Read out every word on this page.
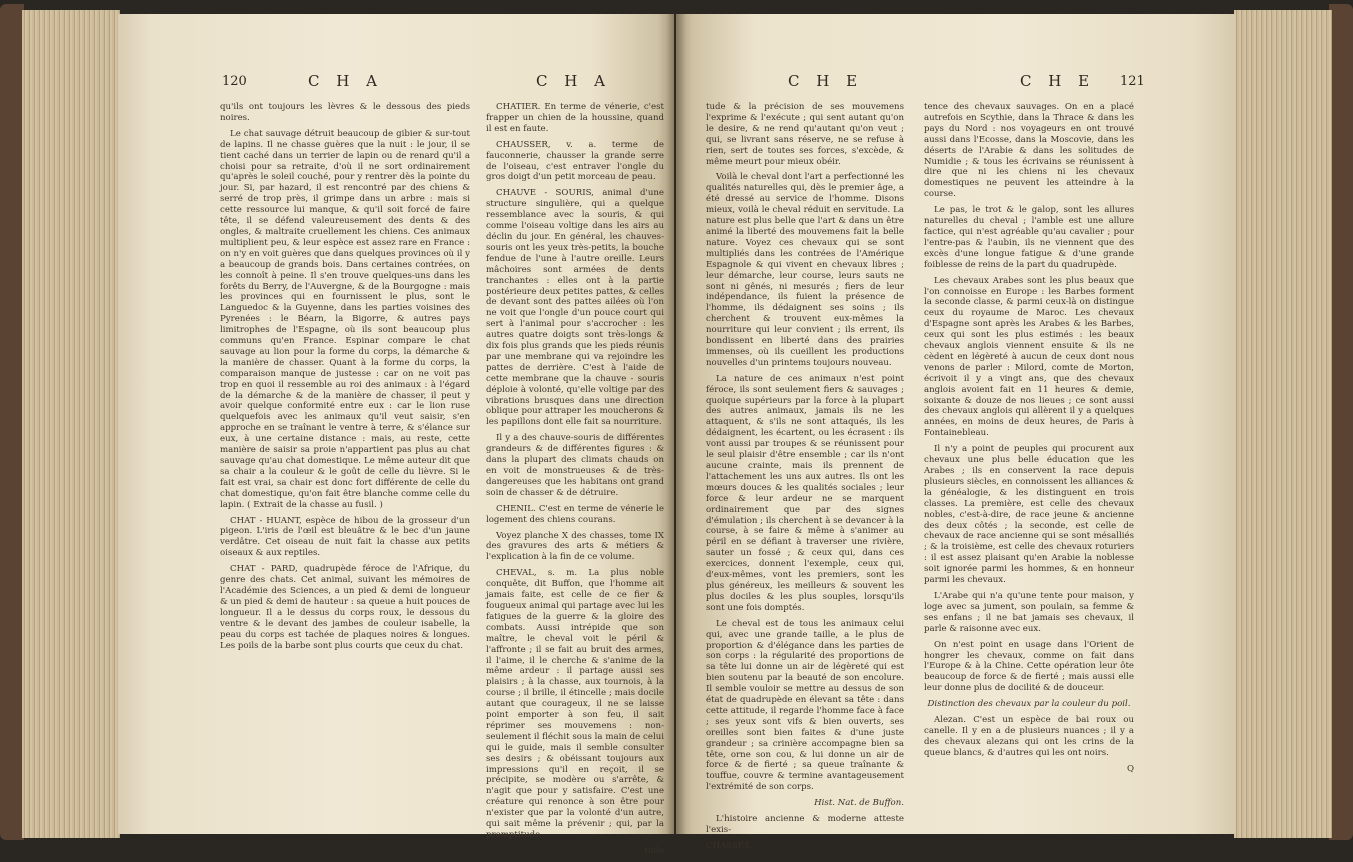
120	C H A	C H A

qu'ils ont toujours les lèvres & le dessous des pieds noires.

Le chat sauvage détruit beaucoup de gibier & sur-tout de lapins. Il ne chasse guères que la nuit : le jour, il se tient caché dans un terrier de lapin ou de renard qu'il a choisi pour sa retraite, d'où il ne sort ordinairement qu'après le soleil couché, pour y rentrer dès la pointe du jour. Si, par hazard, il est rencontré par des chiens & serré de trop près, il grimpe dans un arbre : mais si cette ressource lui manque, & qu'il soit forcé de faire tête, il se défend valeureusement des dents & des ongles, & maltraite cruellement les chiens. Ces animaux multiplient peu, & leur espèce est assez rare en France : on n'y en voit guères que dans quelques provinces où il y a beaucoup de grands bois. Dans certaines contrées, on les connoît à peine. Il s'en trouve quelques-uns dans les forêts du Berry, de l'Auvergne, & de la Bourgogne : mais les provinces qui en fournissent le plus, sont le Languedoc & la Guyenne, dans les parties voisines des Pyrenées : le Béarn, la Bigorre, & autres pays limitrophes de l'Espagne, où ils sont beaucoup plus communs qu'en France. Espinar compare le chat sauvage au lion pour la forme du corps, la démarche & la manière de chasser. Quant à la forme du corps, la comparaison manque de justesse : car on ne voit pas trop en quoi il ressemble au roi des animaux : à l'égard de la démarche & de la manière de chasser, il peut y avoir quelque conformité entre eux : car le lion ruse quelquefois avec les animaux qu'il veut saisir, s'en approche en se traînant le ventre à terre, & s'élance sur eux, à une certaine distance : mais, au reste, cette manière de saisir sa proie n'appartient pas plus au chat sauvage qu'au chat domestique. Le même auteur dit que sa chair a la couleur & le goût de celle du lièvre. Si le fait est vrai, sa chair est donc fort différente de celle du chat domestique, qu'on fait être blanche comme celle du lapin. ( Extrait de la chasse au fusil. )

CHAT - HUANT, espèce de hibou de la grosseur d'un pigeon. L'iris de l'œil est bleuâtre & le bec d'un jaune verdâtre. Cet oiseau de nuit fait la chasse aux petits oiseaux & aux reptiles.

CHAT - PARD, quadrupède féroce de l'Afrique, du genre des chats. Cet animal, suivant les mémoires de l'Académie des Sciences, a un pied & demi de longueur & un pied & demi de hauteur : sa queue a huit pouces de longueur. Il a le dessus du corps roux, le dessous du ventre & le devant des jambes de couleur isabelle, la peau du corps est tachée de plaques noires & longues. Les poils de la barbe sont plus courts que ceux du chat.

CHATIER. En terme de vénerie, c'est frapper un chien de la houssine, quand il est en faute.

CHAUSSER, v. a. terme de fauconnerie, chausser la grande serre de l'oiseau, c'est entraver l'ongle du gros doigt d'un petit morceau de peau.

CHAUVE - SOURIS, animal d'une structure singulière, qui a quelque ressemblance avec la souris, & qui comme l'oiseau voltige dans les airs au déclin du jour. En général, les chauves-souris ont les yeux très-petits, la bouche fendue de l'une à l'autre oreille. Leurs mâchoires sont armées de dents tranchantes : elles ont à la partie postérieure deux petites pattes, & celles de devant sont des pattes ailées où l'on ne voit que l'ongle d'un pouce court qui sert à l'animal pour s'accrocher : les autres quatre doigts sont très-longs & dix fois plus grands que les pieds réunis par une membrane qui va rejoindre les pattes de derrière. C'est à l'aide de cette membrane que la chauve - souris déploie à volonté, qu'elle voltige par des vibrations brusques dans une direction oblique pour attraper les moucherons & les papillons dont elle fait sa nourriture.

Il y a des chauve-souris de différentes grandeurs & de différentes figures : & dans la plupart des climats chauds on en voit de monstrueuses & de très-dangereuses que les habitans ont grand soin de chasser & de détruire.

CHENIL. C'est en terme de vénerie le logement des chiens courans.

Voyez planche X des chasses, tome IX des gravures des arts & métiers & l'explication à la fin de ce volume.

CHEVAL, s. m. La plus noble conquête, dit Buffon, que l'homme ait jamais faite, est celle de ce fier & fougueux animal qui partage avec lui les fatigues de la guerre & la gloire des combats. Aussi intrépide que son maître, le cheval voit le péril & l'affronte ; il se fait au bruit des armes, il l'aime, il le cherche & s'anime de la même ardeur : il partage aussi ses plaisirs ; à la chasse, aux tournois, à la course ; il brille, il étincelle ; mais docile autant que courageux, il ne se laisse point emporter à son feu, il sait réprimer ses mouvemens : non-seulement il fléchit sous la main de celui qui le guide, mais il semble consulter ses desirs ; & obéissant toujours aux impressions qu'il en reçoit, il se précipite, se modère ou s'arrête, & n'agit que pour y satisfaire. C'est une créature qui renonce à son être pour n'exister que par la volonté d'un autre, qui sait même la prévenir ; qui, par la promptitude

tude

C H E	C H E 121

tude & la précision de ses mouvemens l'exprime & l'exécute ; qui sent autant qu'on le desire, & ne rend qu'autant qu'on veut ; qui, se livrant sans réserve, ne se refuse à rien, sert de toutes ses forces, s'excède, & même meurt pour mieux obéir.

Voilà le cheval dont l'art a perfectionné les qualités naturelles qui, dès le premier âge, a été dressé au service de l'homme. Disons mieux, voilà le cheval réduit en servitude. La nature est plus belle que l'art & dans un être animé la liberté des mouvemens fait la belle nature. Voyez ces chevaux qui se sont multipliés dans les contrées de l'Amérique Espagnole & qui vivent en chevaux libres ; leur démarche, leur course, leurs sauts ne sont ni gênés, ni mesurés ; fiers de leur indépendance, ils fuient la présence de l'homme, ils dédaignent ses soins ; ils cherchent & trouvent eux-mêmes la nourriture qui leur convient ; ils errent, ils bondissent en liberté dans des prairies immenses, où ils cueillent les productions nouvelles d'un printems toujours nouveau.

La nature de ces animaux n'est point féroce, ils sont seulement fiers & sauvages ; quoique supérieurs par la force à la plupart des autres animaux, jamais ils ne les attaquent, & s'ils ne sont attaqués, ils les dédaignent, les écartent, ou les écrasent : ils vont aussi par troupes & se réunissent pour le seul plaisir d'être ensemble ; car ils n'ont aucune crainte, mais ils prennent de l'attachement les uns aux autres. Ils ont les mœurs douces & les qualités sociales ; leur force & leur ardeur ne se marquent ordinairement que par des signes d'émulation ; ils cherchent à se devancer à la course, à se faire & même à s'animer au péril en se défiant à traverser une rivière, sauter un fossé ; & ceux qui, dans ces exercices, donnent l'exemple, ceux qui, d'eux-mêmes, vont les premiers, sont les plus généreux, les meilleurs & souvent les plus dociles & les plus souples, lorsqu'ils sont une fois domptés.

Le cheval est de tous les animaux celui qui, avec une grande taille, a le plus de proportion & d'élégance dans les parties de son corps : la régularité des proportions de sa tête lui donne un air de légèreté qui est bien soutenu par la beauté de son encolure. Il semble vouloir se mettre au dessus de son état de quadrupède en élevant sa tête : dans cette attitude, il regarde l'homme face à face ; ses yeux sont vifs & bien ouverts, ses oreilles sont bien faites & d'une juste grandeur ; sa crinière accompagne bien sa tête, orne son cou, & lui donne un air de force & de fierté ; sa queue traînante & touffue, couvre & termine avantageusement l'extrémité de son corps.

Hist. Nat. de Buffon.

L'histoire ancienne & moderne atteste l'exis-

CHASSES.

tence des chevaux sauvages. On en a placé autrefois en Scythie, dans la Thrace & dans les pays du Nord : nos voyageurs en ont trouvé aussi dans l'Ecosse, dans la Moscovie, dans les déserts de l'Arabie & dans les solitudes de Numidie ; & tous les écrivains se réunissent à dire que ni les chiens ni les chevaux domestiques ne peuvent les atteindre à la course.

Le pas, le trot & le galop, sont les allures naturelles du cheval ; l'amble est une allure factice, qui n'est agréable qu'au cavalier ; pour l'entre-pas & l'aubin, ils ne viennent que des excès d'une longue fatigue & d'une grande foiblesse de reins de la part du quadrupède.

Les chevaux Arabes sont les plus beaux que l'on connoisse en Europe : les Barbes forment la seconde classe, & parmi ceux-là on distingue ceux du royaume de Maroc. Les chevaux d'Espagne sont après les Arabes & les Barbes, ceux qui sont les plus estimés : les beaux chevaux anglois viennent ensuite & ils ne cèdent en légèreté à aucun de ceux dont nous venons de parler : Milord, comte de Morton, écrivoit il y a vingt ans, que des chevaux anglois avoient fait en 11 heures & demie, soixante & douze de nos lieues ; ce sont aussi des chevaux anglois qui allèrent il y a quelques années, en moins de deux heures, de Paris à Fontainebleau.

Il n'y a point de peuples qui procurent aux chevaux une plus belle éducation que les Arabes ; ils en conservent la race depuis plusieurs siècles, en connoissent les alliances & la généalogie, & les distinguent en trois classes. La première, est celle des chevaux nobles, c'est-à-dire, de race jeune & ancienne des deux côtés ; la seconde, est celle de chevaux de race ancienne qui se sont mésalliés ; & la troisième, est celle des chevaux roturiers : il est assez plaisant qu'en Arabie la noblesse soit ignorée parmi les hommes, & en honneur parmi les chevaux.

L'Arabe qui n'a qu'une tente pour maison, y loge avec sa jument, son poulain, sa femme & ses enfans ; il ne bat jamais ses chevaux, il parle & raisonne avec eux.

On n'est point en usage dans l'Orient de hongrer les chevaux, comme on fait dans l'Europe & à la Chine. Cette opération leur ôte beaucoup de force & de fierté ; mais aussi elle leur donne plus de docilité & de douceur.

Distinction des chevaux par la couleur du poil.

Alezan. C'est un espèce de bai roux ou canelle. Il y en a de plusieurs nuances ; il y a des chevaux alezans qui ont les crins de la queue blancs, & d'autres qui les ont noirs.

Q
